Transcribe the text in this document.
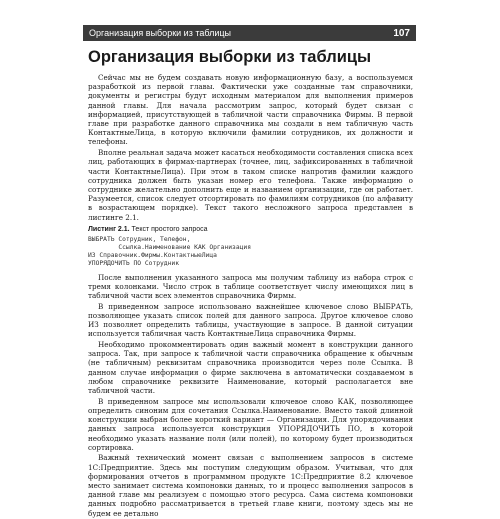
Организация выборки из таблицы	107
Организация выборки из таблицы

Сейчас мы не будем создавать новую информационную базу, а воспользуемся разработкой из первой главы. Фактически уже созданные там справочники, документы и регистры будут исходным материалом для выполнения примеров данной главы. Для начала рассмотрим запрос, который будет связан с информацией, присутствующей в табличной части справочника Фирмы. В первой главе при разработке данного справочника мы создали в нем табличную часть КонтактныеЛица, в которую включили фамилии сотрудников, их должности и телефоны.

Вполне реальная задача может касаться необходимости составления списка всех лиц, работающих в фирмах-партнерах (точнее, лиц, зафиксированных в табличной части КонтактныеЛица). При этом в таком списке напротив фамилии каждого сотрудника должен быть указан номер его телефона. Также информацию о сотруднике желательно дополнить еще и названием организации, где он работает. Разумеется, список следует отсортировать по фамилиям сотрудников (по алфавиту в возрастающем порядке). Текст такого несложного запроса представлен в листинге 2.1.

Листинг 2.1. Текст простого запроса
ВЫБРАТЬ Сотрудник, Телефон,
Ссылка.Наименование КАК Организация
ИЗ Справочник.Фирмы.КонтактныеЛица
УПОРЯДОЧИТЬ ПО Сотрудник

После выполнения указанного запроса мы получим таблицу из набора строк с тремя колонками. Число строк в таблице соответствует числу имеющихся лиц в табличной части всех элементов справочника Фирмы.

В приведенном запросе использовано важнейшее ключевое слово ВЫБРАТЬ, позволяющее указать список полей для данного запроса. Другое ключевое слово ИЗ позволяет определить таблицы, участвующие в запросе. В данной ситуации используется табличная часть КонтактныеЛица справочника Фирмы.

Необходимо прокомментировать один важный момент в конструкции данного запроса. Так, при запросе к табличной части справочника обращение к обычным (не табличным) реквизитам справочника производится через поле Ссылка. В данном случае информация о фирме заключена в автоматически создаваемом в любом справочнике реквизите Наименование, который располагается вне табличной части.

В приведенном запросе мы использовали ключевое слово КАК, позволяющее определить синоним для сочетания Ссылка.Наименование. Вместо такой длинной конструкции выбран более короткий вариант — Организация. Для упорядочивания данных запроса используется конструкция УПОРЯДОЧИТЬ ПО, в которой необходимо указать название поля (или полей), по которому будет производиться сортировка.

Важный технический момент связан с выполнением запросов в системе 1С:Предприятие. Здесь мы поступим следующим образом. Учитывая, что для формирования отчетов в программном продукте 1С:Предприятие 8.2 ключевое место занимает система компоновки данных, то и процесс выполнения запросов в данной главе мы реализуем с помощью этого ресурса. Сама система компоновки данных подробно рассматривается в третьей главе книги, поэтому здесь мы не будем ее детально
